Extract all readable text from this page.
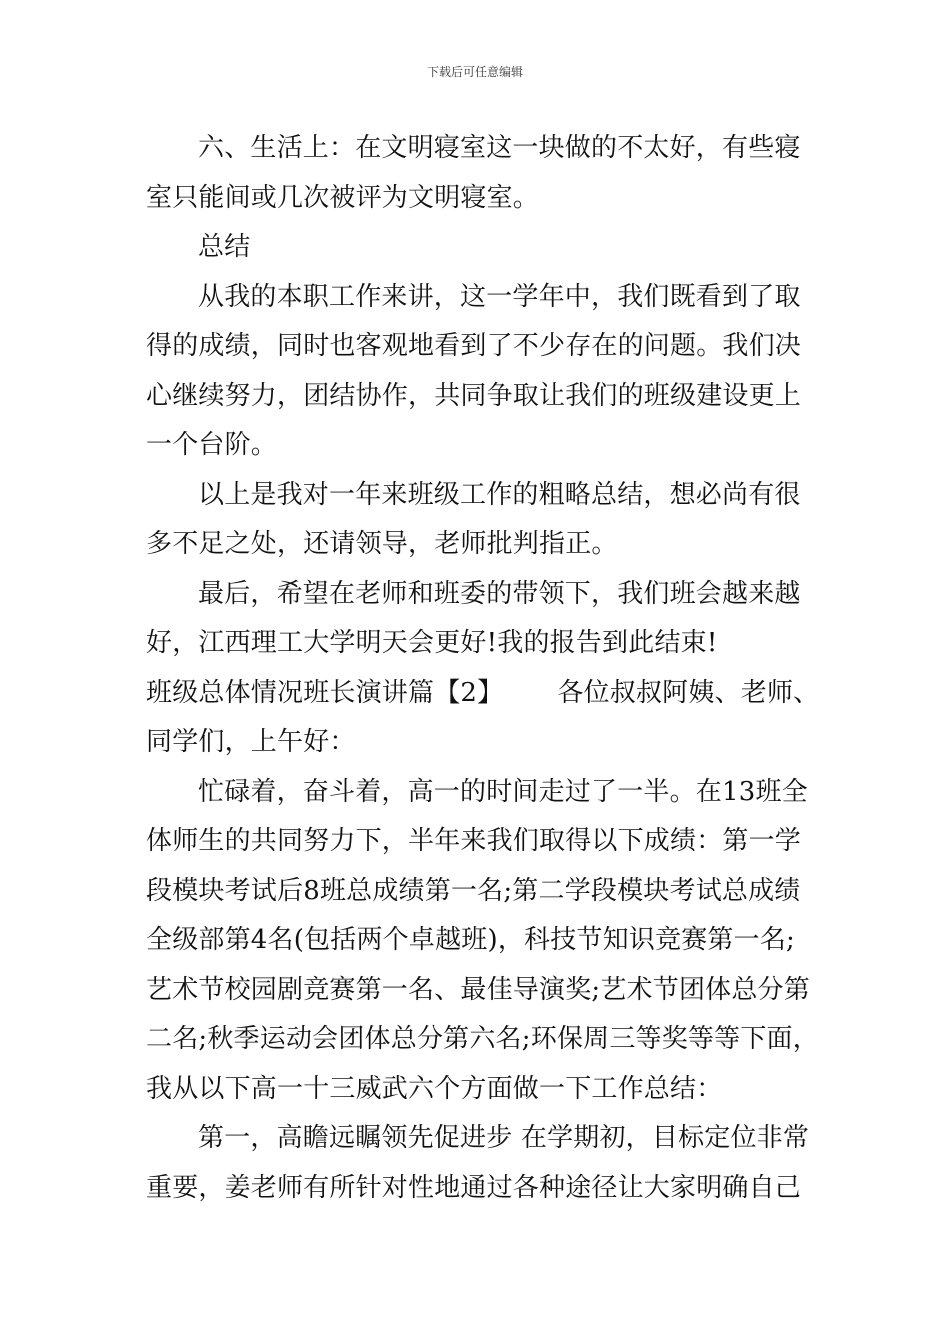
下载后可任意编辑
六、生活上：在文明寝室这一块做的不太好，有些寝
室只能间或几次被评为文明寝室。
总结
从我的本职工作来讲，这一学年中，我们既看到了取
得的成绩，同时也客观地看到了不少存在的问题。我们决
心继续努力，团结协作，共同争取让我们的班级建设更上
一个台阶。
以上是我对一年来班级工作的粗略总结，想必尚有很
多不足之处，还请领导，老师批判指正。
最后，希望在老师和班委的带领下，我们班会越来越
好，江西理工大学明天会更好!我的报告到此结束!
班级总体情况班长演讲篇【2】 各位叔叔阿姨、老师、
同学们，上午好：
忙碌着，奋斗着，高一的时间走过了一半。在13班全
体师生的共同努力下，半年来我们取得以下成绩：第一学
段模块考试后8班总成绩第一名;第二学段模块考试总成绩
全级部第4名(包括两个卓越班)，科技节知识竞赛第一名;
艺术节校园剧竞赛第一名、最佳导演奖;艺术节团体总分第
二名;秋季运动会团体总分第六名;环保周三等奖等等下面，
我从以下高一十三威武六个方面做一下工作总结：
第一，高瞻远瞩领先促进步 在学期初，目标定位非常
重要，姜老师有所针对性地通过各种途径让大家明确自己
